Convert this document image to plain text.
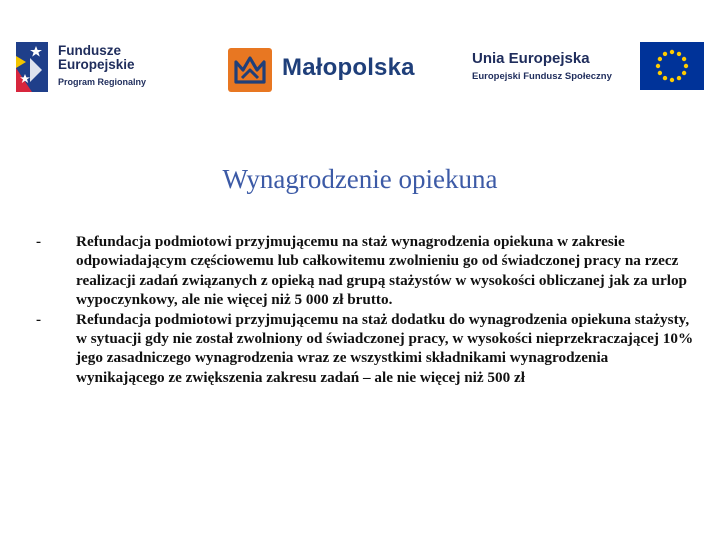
Fundusze
Europejskie
Program Regionalny
Małopolska	Unia Europejska
Europejski Fundusz Społeczny
Wynagrodzenie opiekuna
-	Refundacja podmiotowi przyjmującemu na staż wynagrodzenia opiekuna w zakresie odpowiadającym częściowemu lub całkowitemu zwolnieniu go od świadczonej pracy na rzecz realizacji zadań związanych z opieką nad grupą stażystów w wysokości obliczanej jak za urlop wypoczynkowy, ale nie więcej niż 5 000 zł brutto.
-	Refundacja podmiotowi przyjmującemu na staż dodatku do wynagrodzenia opiekuna stażysty, w sytuacji gdy nie został zwolniony od świadczonej pracy, w wysokości nieprzekraczającej 10% jego zasadniczego wynagrodzenia wraz ze wszystkimi składnikami wynagrodzenia wynikającego ze zwiększenia zakresu zadań – ale nie więcej niż 500 zł
